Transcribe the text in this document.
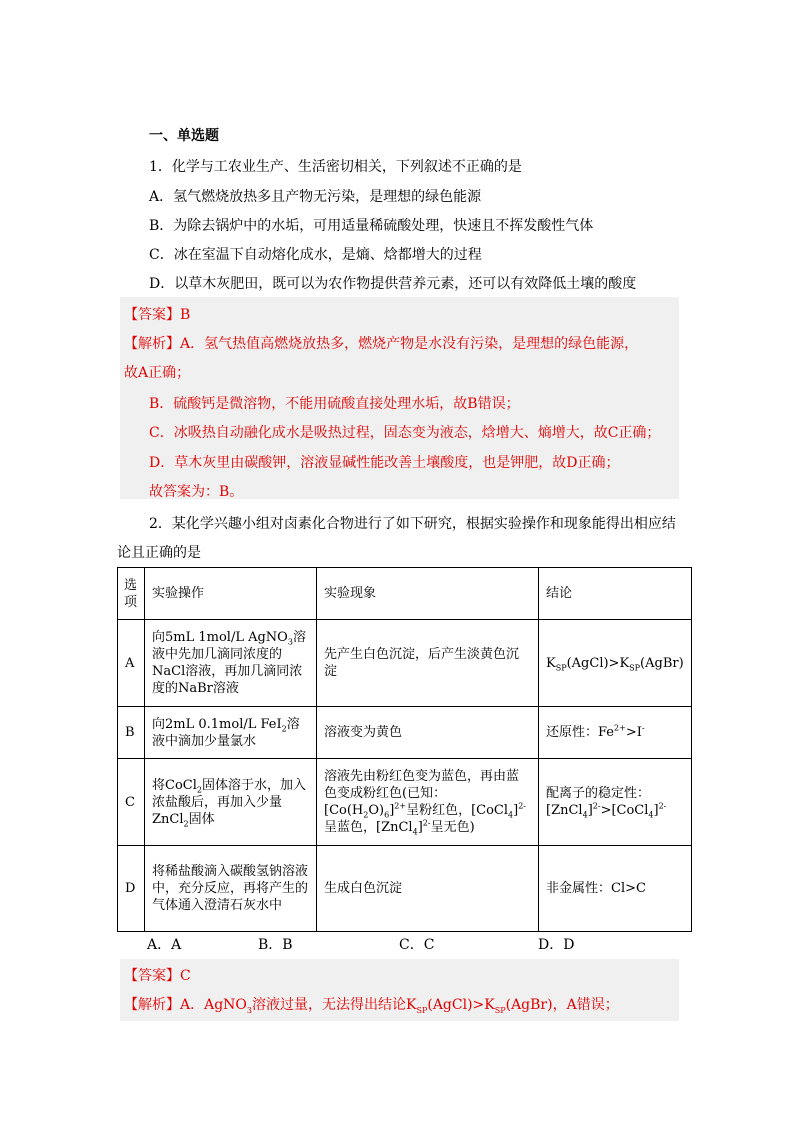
一、单选题
1．化学与工农业生产、生活密切相关，下列叙述不正确的是
A．氢气燃烧放热多且产物无污染，是理想的绿色能源
B．为除去锅炉中的水垢，可用适量稀硫酸处理，快速且不挥发酸性气体
C．冰在室温下自动熔化成水，是熵、焓都增大的过程
D．以草木灰肥田，既可以为农作物提供营养元素，还可以有效降低土壤的酸度
【答案】B
【解析】A．氢气热值高燃烧放热多，燃烧产物是水没有污染，是理想的绿色能源，
故A正确；
B．硫酸钙是微溶物，不能用硫酸直接处理水垢，故B错误；
C．冰吸热自动融化成水是吸热过程，固态变为液态，焓增大、熵增大，故C正确；
D．草木灰里由碳酸钾，溶液显碱性能改善土壤酸度，也是钾肥，故D正确；
故答案为：B。
2．某化学兴趣小组对卤素化合物进行了如下研究，根据实验操作和现象能得出相应结
论且正确的是
选项	实验操作	实验现象	结论
A	向5mL 1mol/L AgNO$_3$溶液中先加几滴同浓度的NaCl溶液，再加几滴同浓度的NaBr溶液	先产生白色沉淀，后产生淡黄色沉淀	$K_{SP}(AgCl)>K_{SP}(AgBr)$
B	向2mL 0.1mol/L FeI$_2$溶液中滴加少量氯水	溶液变为黄色	还原性：$Fe^{2+}>I^-$
C	将CoCl$_2$固体溶于水，加入浓盐酸后，再加入少量ZnCl$_2$固体	溶液先由粉红色变为蓝色，再由蓝色变成粉红色(已知：$[Co(H_2O)_6]^{2+}$呈粉红色，[CoCl$_4$]$^{2-}$呈蓝色，[ZnCl$_4$]$^{2-}$呈无色)	配离子的稳定性：
[ZnCl$_4$]$^{2-}$>[CoCl$_4$]$^{2-}$
D	将稀盐酸滴入碳酸氢钠溶液中，充分反应，再将产生的气体通入澄清石灰水中	生成白色沉淀	非金属性：Cl>C
A．A	B．B	C．C	D．D
【答案】C
【解析】A．AgNO$_3$溶液过量，无法得出结论$K_{SP}(AgCl)>K_{SP}(AgBr)$，A错误；
